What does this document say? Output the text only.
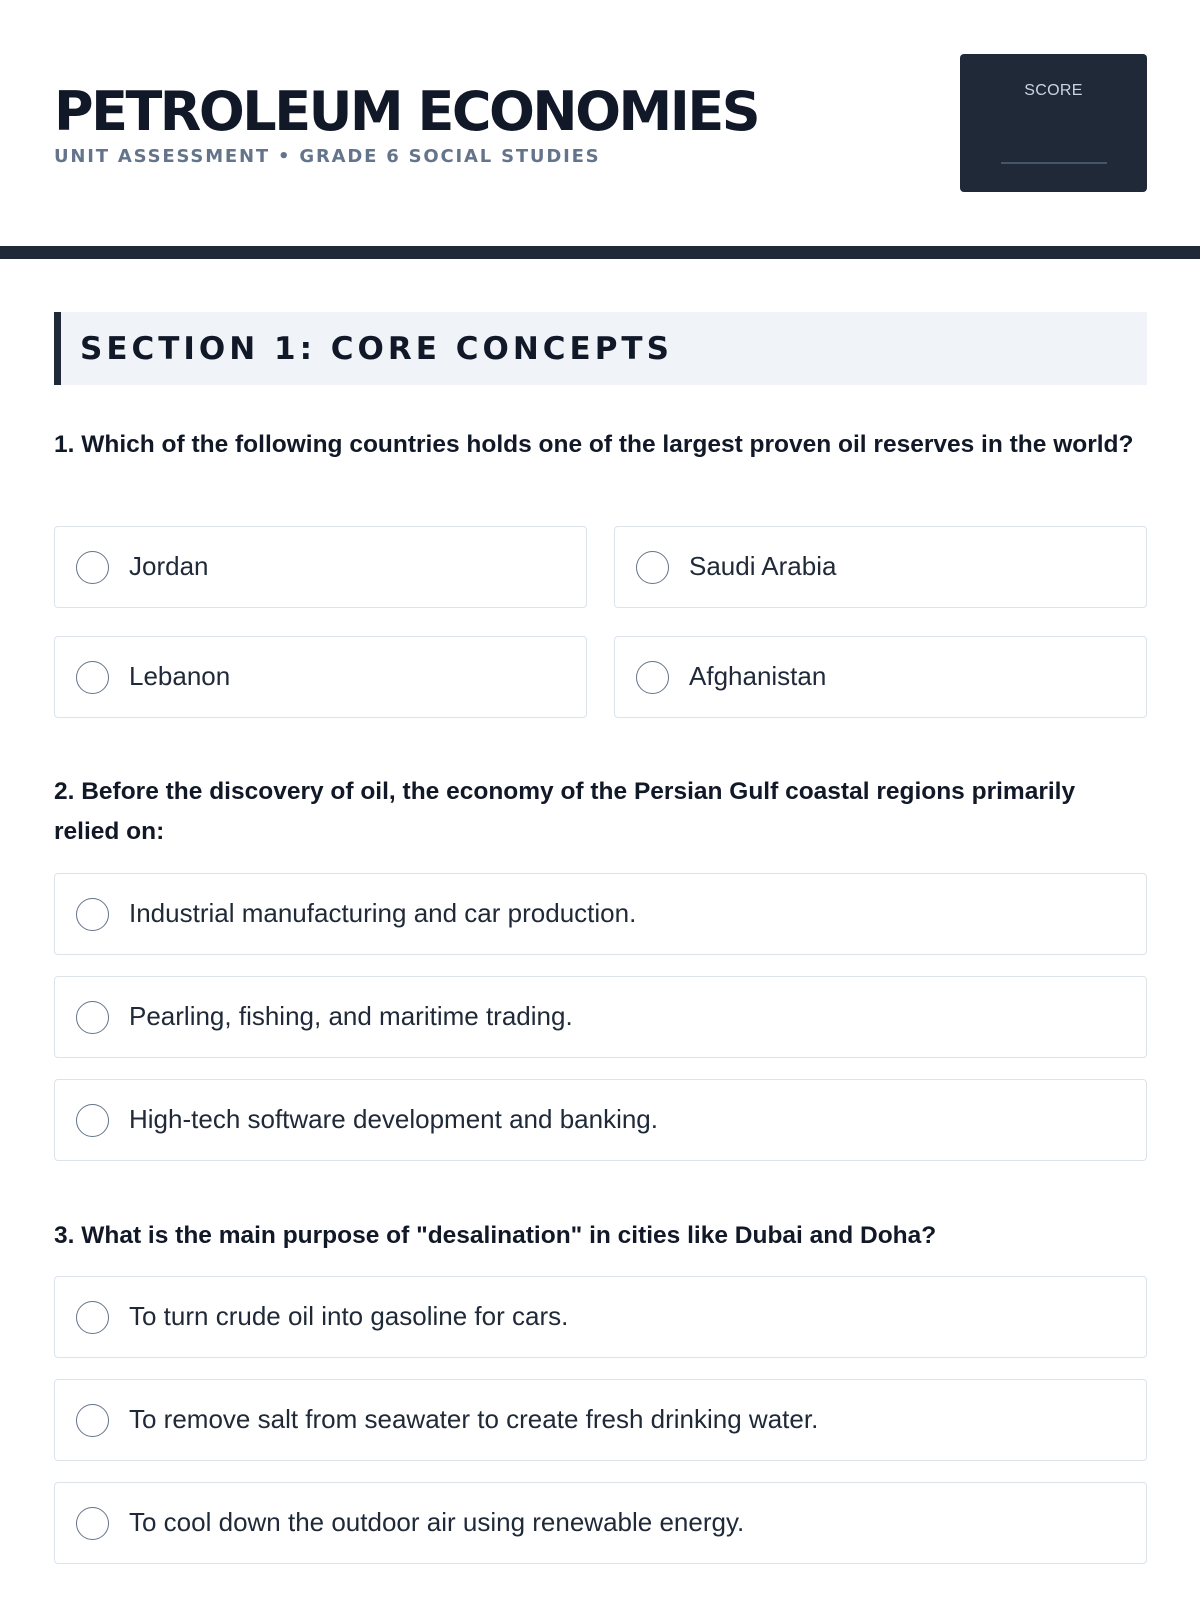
PETROLEUM ECONOMIES
UNIT ASSESSMENT • GRADE 6 SOCIAL STUDIES
SCORE
SECTION 1: CORE CONCEPTS
1. Which of the following countries holds one of the largest proven oil reserves in the world?
Jordan	Saudi Arabia
Lebanon	Afghanistan
2. Before the discovery of oil, the economy of the Persian Gulf coastal regions primarily relied on:
Industrial manufacturing and car production.
Pearling, fishing, and maritime trading.
High-tech software development and banking.
3. What is the main purpose of "desalination" in cities like Dubai and Doha?
To turn crude oil into gasoline for cars.
To remove salt from seawater to create fresh drinking water.
To cool down the outdoor air using renewable energy.
